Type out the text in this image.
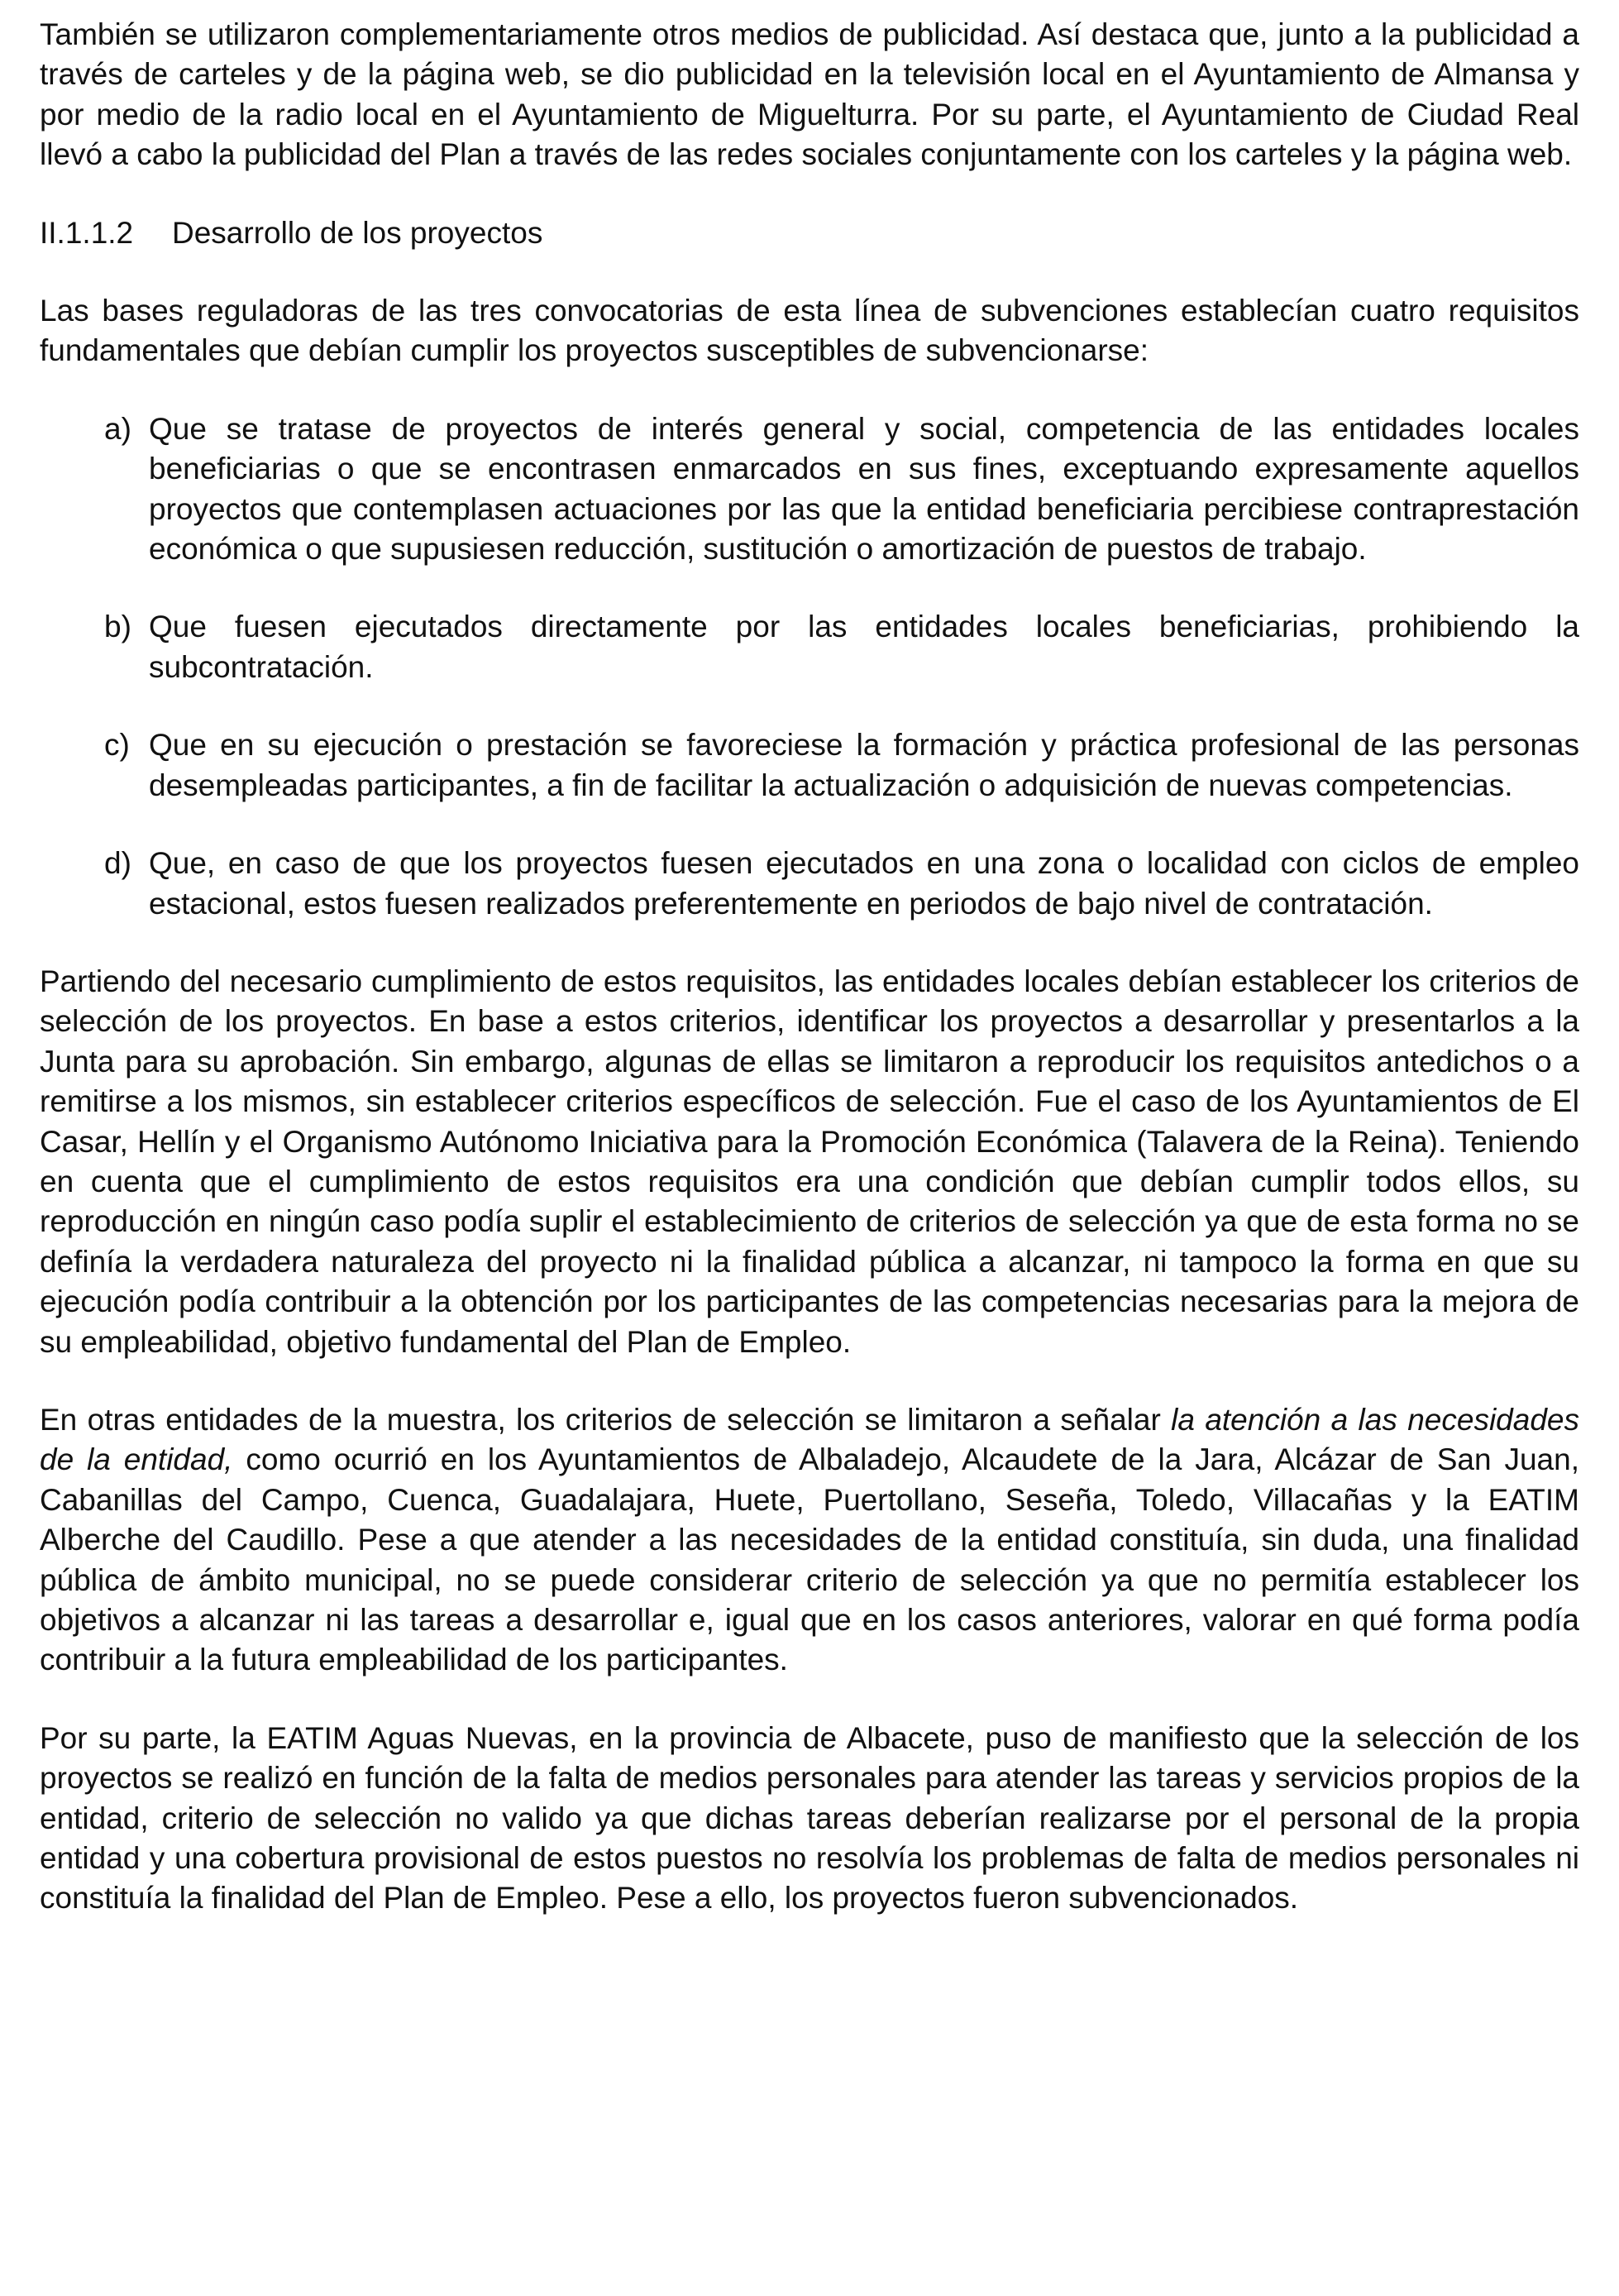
También se utilizaron complementariamente otros medios de publicidad. Así destaca que, junto a la publicidad a través de carteles y de la página web, se dio publicidad en la televisión local en el Ayuntamiento de Almansa y por medio de la radio local en el Ayuntamiento de Miguelturra. Por su parte, el Ayuntamiento de Ciudad Real llevó a cabo la publicidad del Plan a través de las redes sociales conjuntamente con los carteles y la página web.

II.1.1.2 Desarrollo de los proyectos

Las bases reguladoras de las tres convocatorias de esta línea de subvenciones establecían cuatro requisitos fundamentales que debían cumplir los proyectos susceptibles de subvencionarse:

a) Que se tratase de proyectos de interés general y social, competencia de las entidades locales beneficiarias o que se encontrasen enmarcados en sus fines, exceptuando expresamente aquellos proyectos que contemplasen actuaciones por las que la entidad beneficiaria percibiese contraprestación económica o que supusiesen reducción, sustitución o amortización de puestos de trabajo.
b) Que fuesen ejecutados directamente por las entidades locales beneficiarias, prohibiendo la subcontratación.
c) Que en su ejecución o prestación se favoreciese la formación y práctica profesional de las personas desempleadas participantes, a fin de facilitar la actualización o adquisición de nuevas competencias.
d) Que, en caso de que los proyectos fuesen ejecutados en una zona o localidad con ciclos de empleo estacional, estos fuesen realizados preferentemente en periodos de bajo nivel de contratación.

Partiendo del necesario cumplimiento de estos requisitos, las entidades locales debían establecer los criterios de selección de los proyectos. En base a estos criterios, identificar los proyectos a desarrollar y presentarlos a la Junta para su aprobación. Sin embargo, algunas de ellas se limitaron a reproducir los requisitos antedichos o a remitirse a los mismos, sin establecer criterios específicos de selección. Fue el caso de los Ayuntamientos de El Casar, Hellín y el Organismo Autónomo Iniciativa para la Promoción Económica (Talavera de la Reina). Teniendo en cuenta que el cumplimiento de estos requisitos era una condición que debían cumplir todos ellos, su reproducción en ningún caso podía suplir el establecimiento de criterios de selección ya que de esta forma no se definía la verdadera naturaleza del proyecto ni la finalidad pública a alcanzar, ni tampoco la forma en que su ejecución podía contribuir a la obtención por los participantes de las competencias necesarias para la mejora de su empleabilidad, objetivo fundamental del Plan de Empleo.

En otras entidades de la muestra, los criterios de selección se limitaron a señalar la atención a las necesidades de la entidad, como ocurrió en los Ayuntamientos de Albaladejo, Alcaudete de la Jara, Alcázar de San Juan, Cabanillas del Campo, Cuenca, Guadalajara, Huete, Puertollano, Seseña, Toledo, Villacañas y la EATIM Alberche del Caudillo. Pese a que atender a las necesidades de la entidad constituía, sin duda, una finalidad pública de ámbito municipal, no se puede considerar criterio de selección ya que no permitía establecer los objetivos a alcanzar ni las tareas a desarrollar e, igual que en los casos anteriores, valorar en qué forma podía contribuir a la futura empleabilidad de los participantes.

Por su parte, la EATIM Aguas Nuevas, en la provincia de Albacete, puso de manifiesto que la selección de los proyectos se realizó en función de la falta de medios personales para atender las tareas y servicios propios de la entidad, criterio de selección no valido ya que dichas tareas deberían realizarse por el personal de la propia entidad y una cobertura provisional de estos puestos no resolvía los problemas de falta de medios personales ni constituía la finalidad del Plan de Empleo. Pese a ello, los proyectos fueron subvencionados.
